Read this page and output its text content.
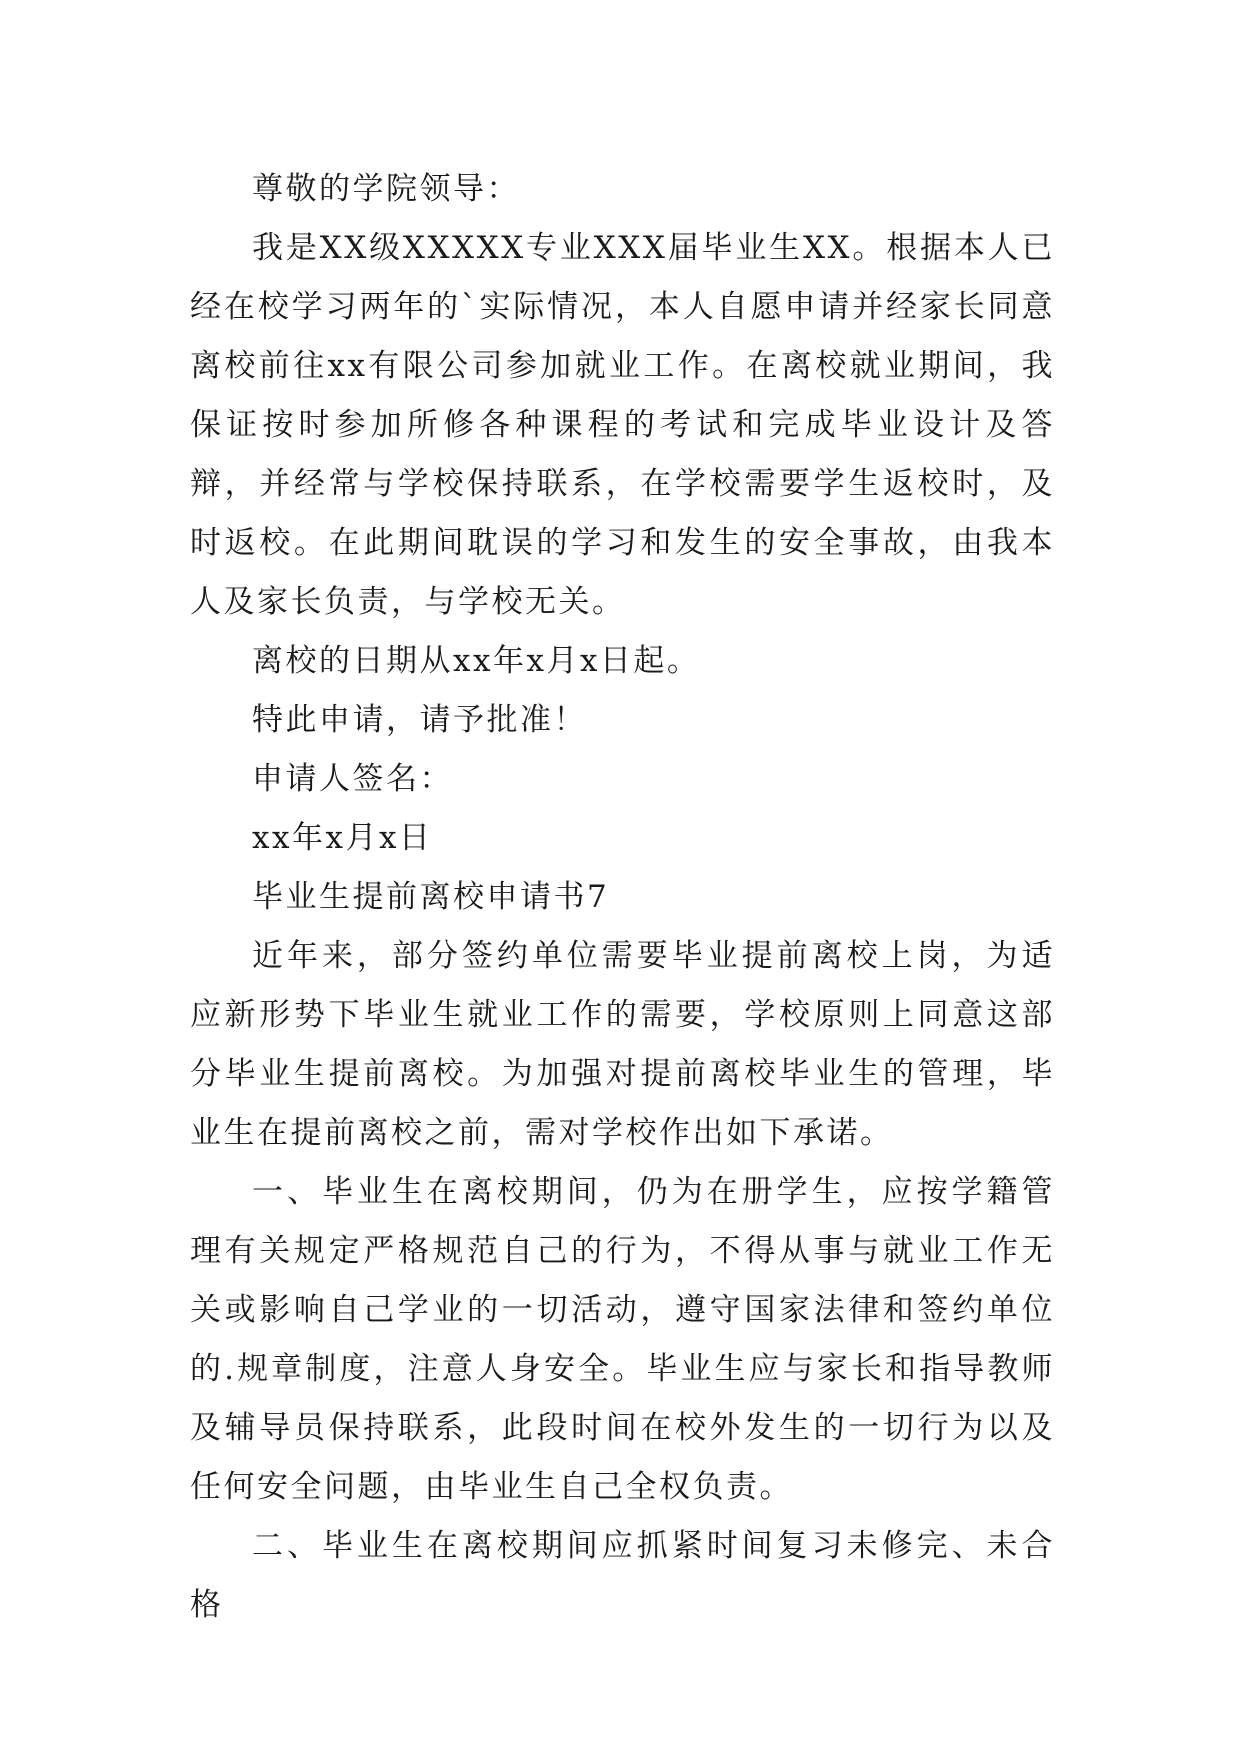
尊敬的学院领导：

我是XX级XXXXX专业XXX届毕业生XX。根据本人已经在校学习两年的`实际情况，本人自愿申请并经家长同意离校前往xx有限公司参加就业工作。在离校就业期间，我保证按时参加所修各种课程的考试和完成毕业设计及答辩，并经常与学校保持联系，在学校需要学生返校时，及时返校。在此期间耽误的学习和发生的安全事故，由我本人及家长负责，与学校无关。

离校的日期从xx年x月x日起。

特此申请，请予批准！

申请人签名：

xx年x月x日

毕业生提前离校申请书7

近年来，部分签约单位需要毕业提前离校上岗，为适应新形势下毕业生就业工作的需要，学校原则上同意这部分毕业生提前离校。为加强对提前离校毕业生的管理，毕业生在提前离校之前，需对学校作出如下承诺。

一、毕业生在离校期间，仍为在册学生，应按学籍管理有关规定严格规范自己的行为，不得从事与就业工作无关或影响自己学业的一切活动，遵守国家法律和签约单位的.规章制度，注意人身安全。毕业生应与家长和指导教师及辅导员保持联系，此段时间在校外发生的一切行为以及任何安全问题，由毕业生自己全权负责。

二、毕业生在离校期间应抓紧时间复习未修完、未合格
